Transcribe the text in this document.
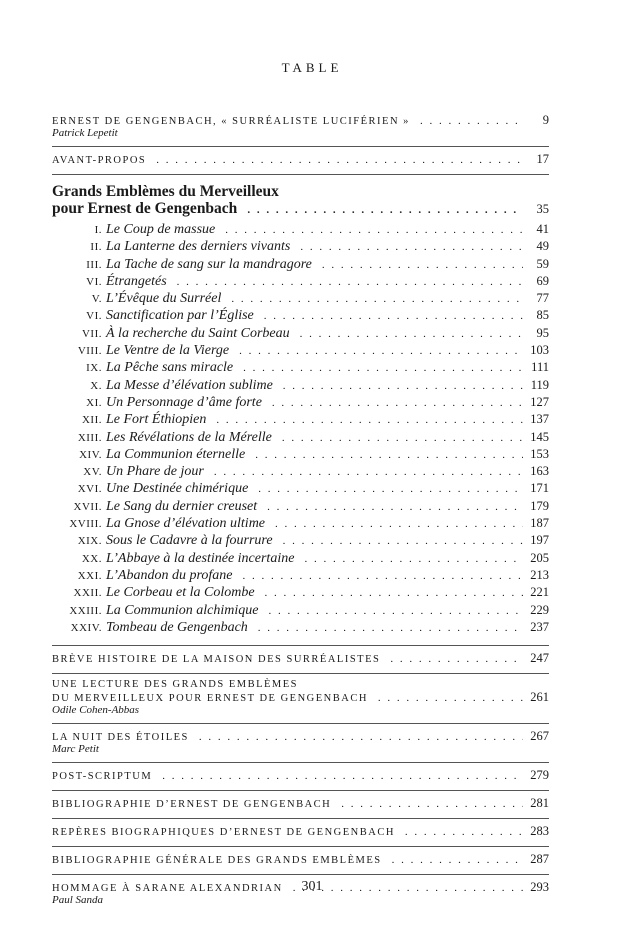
TABLE
ERNEST DE GENGENBACH, « SURRÉALISTE LUCIFÉRIEN » . . .	9
Patrick Lepetit
AVANT-PROPOS . . .	17
Grands Emblèmes du Merveilleux
pour Ernest de Gengenbach . . .	35
I. Le Coup de massue . . .	41
II. La Lanterne des derniers vivants . . .	49
III. La Tache de sang sur la mandragore . . .	59
VI. Étrangetés . . .	69
V. L’Évêque du Surréel . . .	77
VI. Sanctification par l’Église . . .	85
VII. À la recherche du Saint Corbeau . . .	95
VIII. Le Ventre de la Vierge . . .	103
IX. La Pêche sans miracle . . .	111
X. La Messe d’élévation sublime . . .	119
XI. Un Personnage d’âme forte . . .	127
XII. Le Fort Éthiopien . . .	137
XIII. Les Révélations de la Mérelle . . .	145
XIV. La Communion éternelle . . .	153
XV. Un Phare de jour . . .	163
XVI. Une Destinée chimérique . . .	171
XVII. Le Sang du dernier creuset . . .	179
XVIII. La Gnose d’élévation ultime . . .	187
XIX. Sous le Cadavre à la fourrure . . .	197
XX. L’Abbaye à la destinée incertaine . . .	205
XXI. L’Abandon du profane . . .	213
XXII. Le Corbeau et la Colombe . . .	221
XXIII. La Communion alchimique . . .	229
XXIV. Tombeau de Gengenbach . . .	237
BRÈVE HISTOIRE DE LA MAISON DES SURRÉALISTES . . .	247
UNE LECTURE DES GRANDS EMBLÈMES
DU MERVEILLEUX POUR ERNEST DE GENGENBACH . . .	261
Odile Cohen-Abbas
LA NUIT DES ÉTOILES . . .	267
Marc Petit
POST-SCRIPTUM . . .	279
BIBLIOGRAPHIE D’ERNEST DE GENGENBACH . . .	281
REPÈRES BIOGRAPHIQUES D’ERNEST DE GENGENBACH . . .	283
BIBLIOGRAPHIE GÉNÉRALE DES GRANDS EMBLÈMES . . .	287
HOMMAGE À SARANE ALEXANDRIAN . . .	293
Paul Sanda
301
